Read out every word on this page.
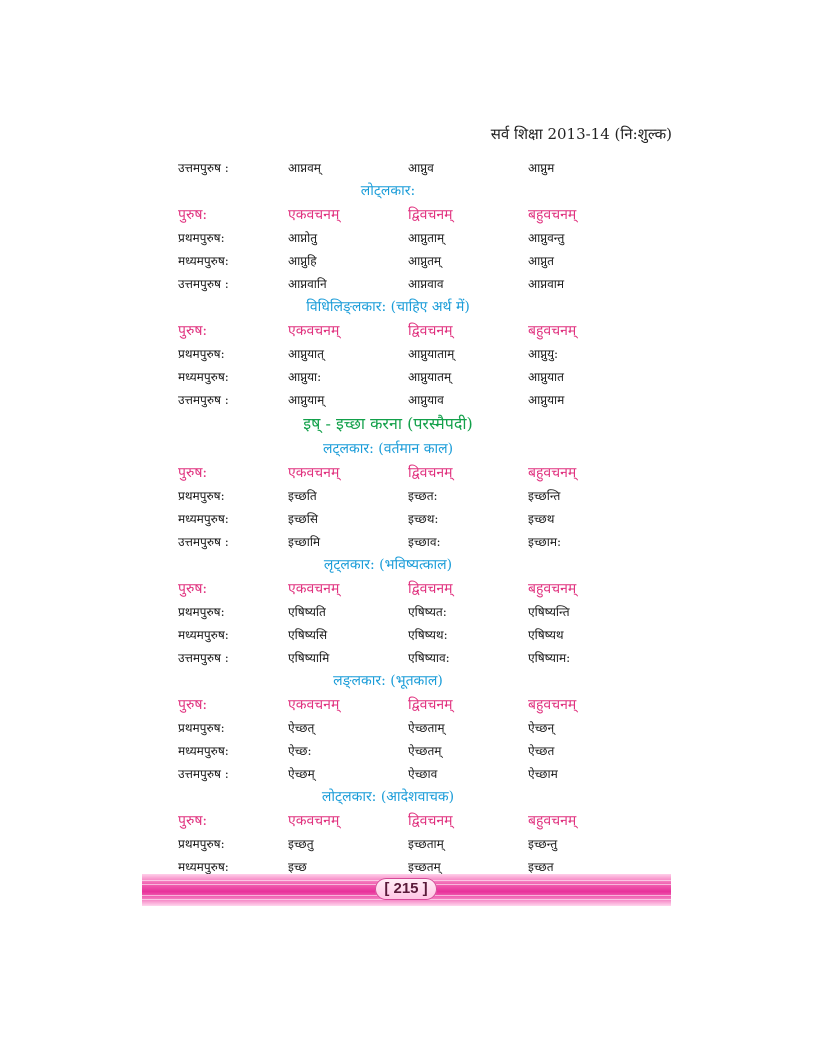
सर्व शिक्षा 2013-14 (नि:शुल्क)
उत्तमपुरुष :	आप्नवम्	आप्नुव	आप्नुम
लोट्लकार:
पुरुष:	एकवचनम्	द्विवचनम्	बहुवचनम्
प्रथमपुरुष:	आप्नोतु	आप्नुताम्	आप्नुवन्तु
मध्यमपुरुष:	आप्नुहि	आप्नुतम्	आप्नुत
उत्तमपुरुष :	आप्नवानि	आप्नवाव	आप्नवाम
विधिलिङ्लकार: (चाहिए अर्थ में)
पुरुष:	एकवचनम्	द्विवचनम्	बहुवचनम्
प्रथमपुरुष:	आप्नुयात्	आप्नुयाताम्	आप्नुयु:
मध्यमपुरुष:	आप्नुया:	आप्नुयातम्	आप्नुयात
उत्तमपुरुष :	आप्नुयाम्	आप्नुयाव	आप्नुयाम
इष् - इच्छा करना (परस्मैपदी)
लट्लकार: (वर्तमान काल)
पुरुष:	एकवचनम्	द्विवचनम्	बहुवचनम्
प्रथमपुरुष:	इच्छति	इच्छत:	इच्छन्ति
मध्यमपुरुष:	इच्छसि	इच्छथ:	इच्छथ
उत्तमपुरुष :	इच्छामि	इच्छाव:	इच्छाम:
लृट्लकार: (भविष्यत्काल)
पुरुष:	एकवचनम्	द्विवचनम्	बहुवचनम्
प्रथमपुरुष:	एषिष्यति	एषिष्यत:	एषिष्यन्ति
मध्यमपुरुष:	एषिष्यसि	एषिष्यथ:	एषिष्यथ
उत्तमपुरुष :	एषिष्यामि	एषिष्याव:	एषिष्याम:
लङ्लकार: (भूतकाल)
पुरुष:	एकवचनम्	द्विवचनम्	बहुवचनम्
प्रथमपुरुष:	ऐच्छत्	ऐच्छताम्	ऐच्छन्
मध्यमपुरुष:	ऐच्छ:	ऐच्छतम्	ऐच्छत
उत्तमपुरुष :	ऐच्छम्	ऐच्छाव	ऐच्छाम
लोट्लकार: (आदेशवाचक)
पुरुष:	एकवचनम्	द्विवचनम्	बहुवचनम्
प्रथमपुरुष:	इच्छतु	इच्छताम्	इच्छन्तु
मध्यमपुरुष:	इच्छ	इच्छतम्	इच्छत
[ 215 ]
